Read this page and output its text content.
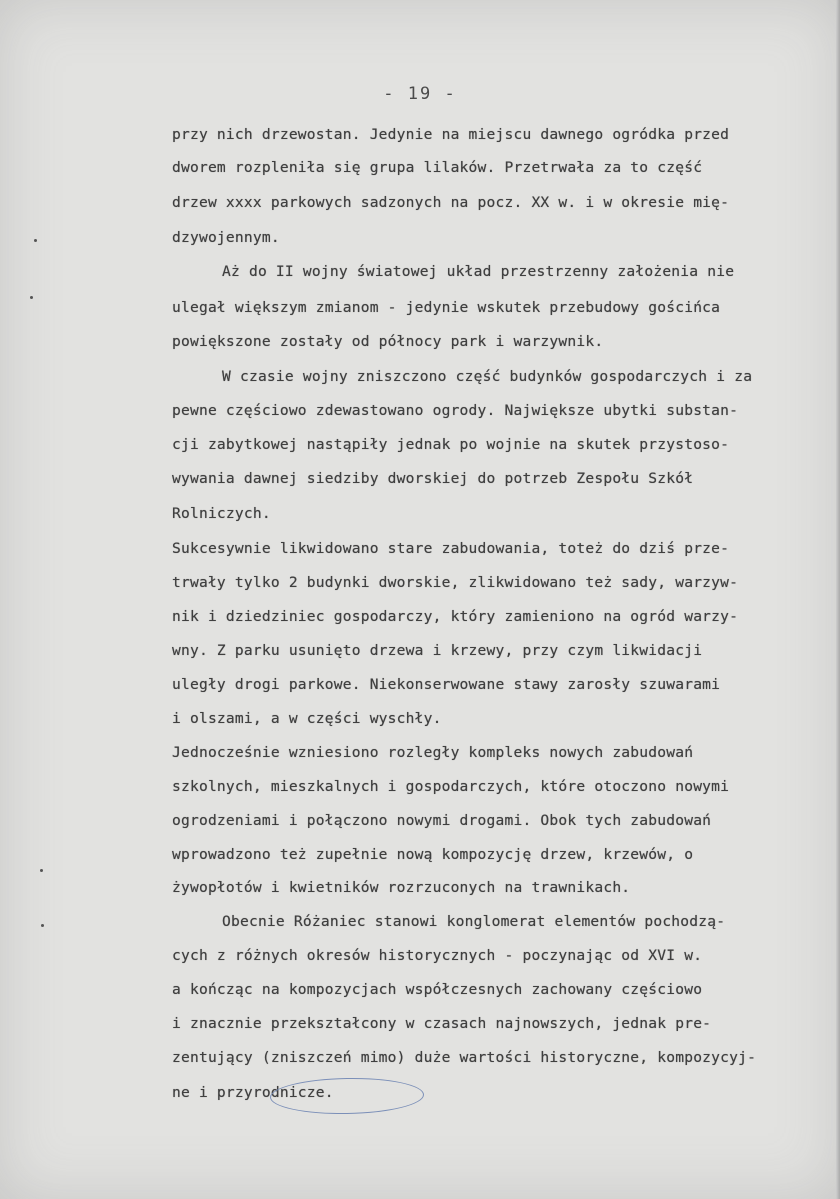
- 19 -
przy nich drzewostan. Jedynie na miejscu dawnego ogródka przed
dworem rozpleniła się grupa lilaków. Przetrwała za to część
drzew xxxx parkowych sadzonych na pocz. XX w. i w okresie mię-
dzywojennym.
Aż do II wojny światowej układ przestrzenny założenia nie
ulegał większym zmianom - jedynie wskutek przebudowy gościńca
powiększone zostały od północy park i warzywnik.
W czasie wojny zniszczono część budynków gospodarczych i za
pewne częściowo zdewastowano ogrody. Największe ubytki substan-
cji zabytkowej nastąpiły jednak po wojnie na skutek przystoso-
wywania dawnej siedziby dworskiej do potrzeb Zespołu Szkół
Rolniczych.
Sukcesywnie likwidowano stare zabudowania, toteż do dziś prze-
trwały tylko 2 budynki dworskie, zlikwidowano też sady, warzyw-
nik i dziedziniec gospodarczy, który zamieniono na ogród warzy-
wny. Z parku usunięto drzewa i krzewy, przy czym likwidacji
uległy drogi parkowe. Niekonserwowane stawy zarosły szuwarami
i olszami, a w części wyschły.
Jednocześnie wzniesiono rozległy kompleks nowych zabudowań
szkolnych, mieszkalnych i gospodarczych, które otoczono nowymi
ogrodzeniami i połączono nowymi drogami. Obok tych zabudowań
wprowadzono też zupełnie nową kompozycję drzew, krzewów, o
żywopłotów i kwietników rozrzuconych na trawnikach.
Obecnie Różaniec stanowi konglomerat elementów pochodzą-
cych z różnych okresów historycznych - poczynając od XVI w.
a kończąc na kompozycjach współczesnych zachowany częściowo
i znacznie przekształcony w czasach najnowszych, jednak pre-
zentujący (zniszczeń mimo) duże wartości historyczne, kompozycyj-
ne i przyrodnicze.
